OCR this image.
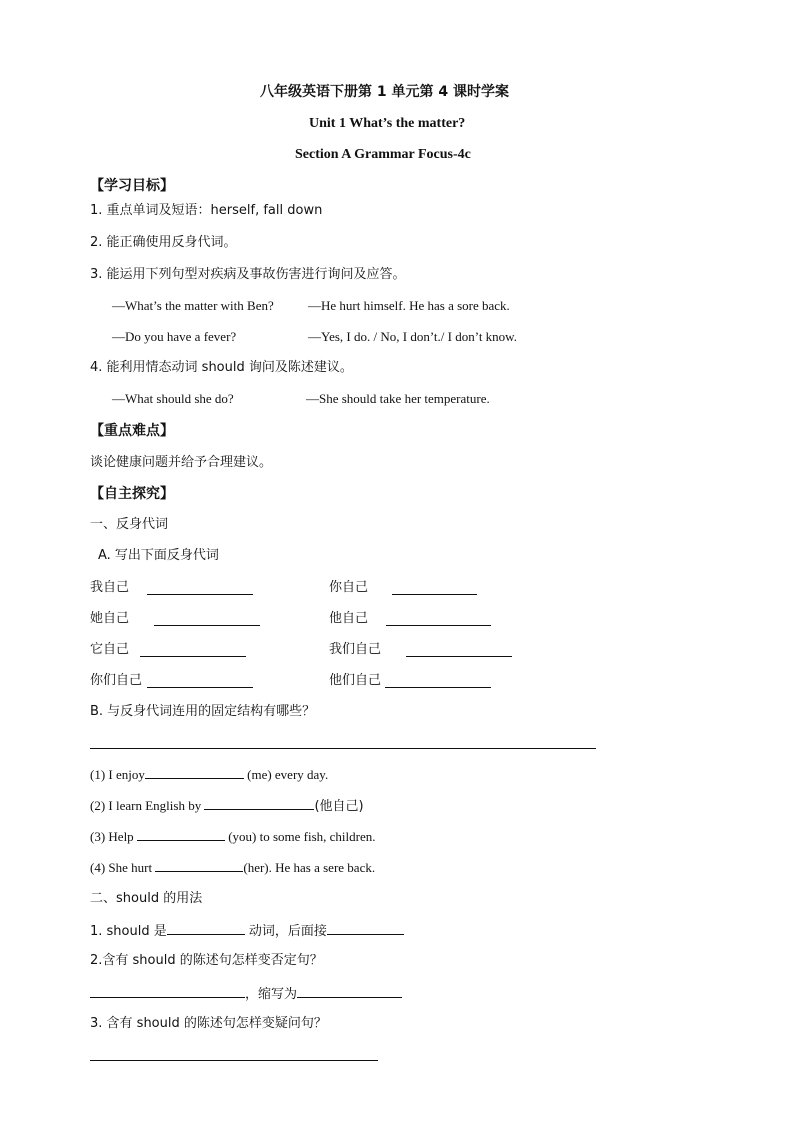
八年级英语下册第 1 单元第 4 课时学案
Unit 1 What’s the matter?
Section A Grammar Focus-4c
【学习目标】
1. 重点单词及短语：herself, fall down
2. 能正确使用反身代词。
3. 能运用下列句型对疾病及事故伤害进行询问及应答。
—What’s the matter with Ben?	—He hurt himself. He has a sore back.
—Do you have a fever?	—Yes, I do. / No, I don’t./ I don’t know.
4. 能利用情态动词 should 询问及陈述建议。
—What should she do?	—She should take her temperature.
【重点难点】
谈论健康问题并给予合理建议。
【自主探究】
一、反身代词
A. 写出下面反身代词
我自己	你自己
她自己	他自己
它自己	我们自己
你们自己	他们自己
B. 与反身代词连用的固定结构有哪些？
(1) I enjoy	(me) every day.
(2) I learn English by	(他自己)
(3) Help	(you) to some fish, children.
(4) She hurt	(her). He has a sere back.
二、should 的用法
1. should 是	动词，后面接
2.含有 should 的陈述句怎样变否定句？
，缩写为
3. 含有 should 的陈述句怎样变疑问句？
